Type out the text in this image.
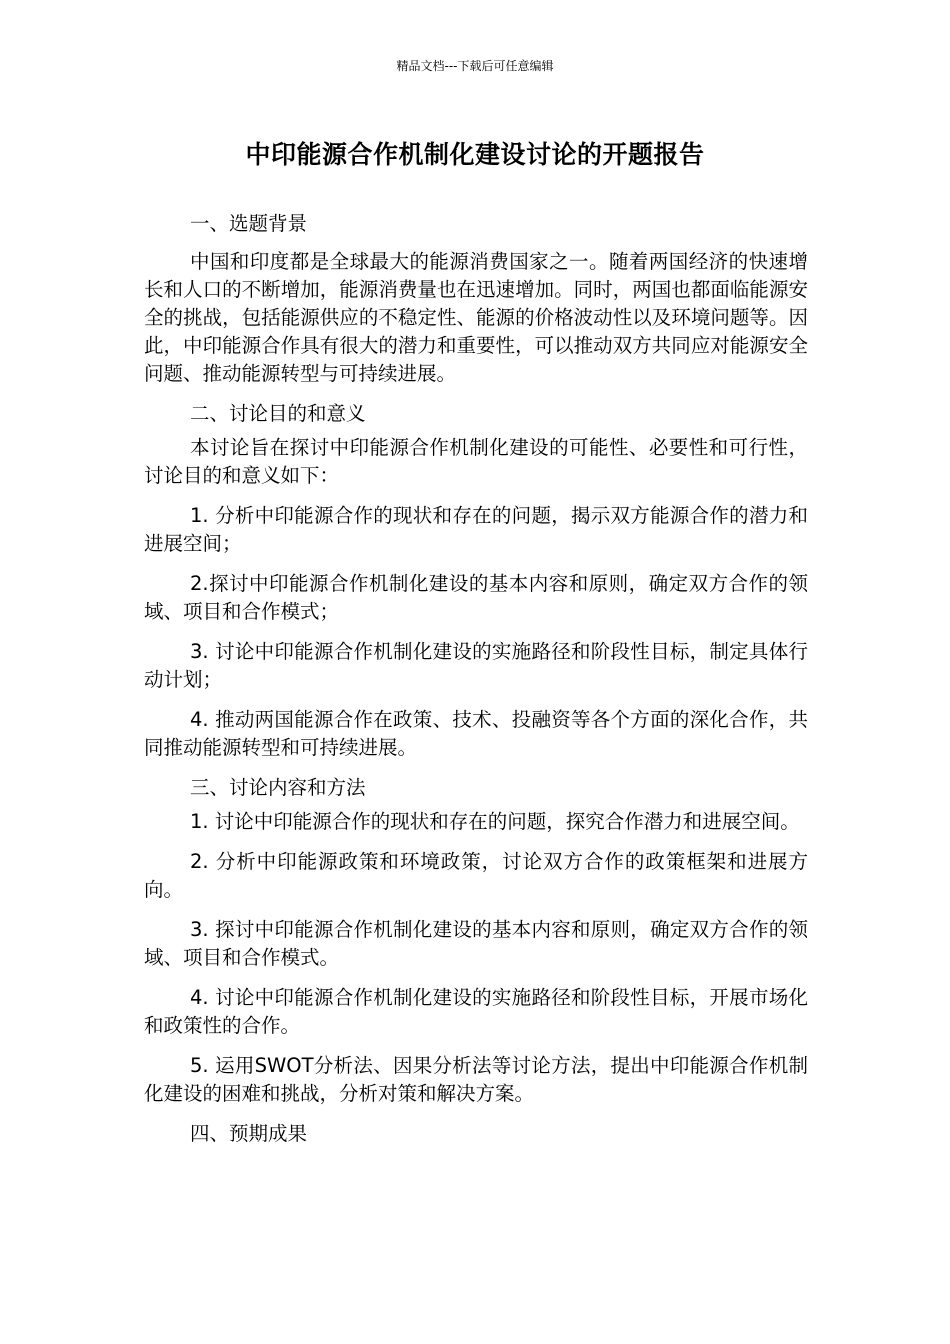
精品文档---下载后可任意编辑
中印能源合作机制化建设讨论的开题报告
一、选题背景

中国和印度都是全球最大的能源消费国家之一。随着两国经济的快速增长和人口的不断增加，能源消费量也在迅速增加。同时，两国也都面临能源安全的挑战，包括能源供应的不稳定性、能源的价格波动性以及环境问题等。因此，中印能源合作具有很大的潜力和重要性，可以推动双方共同应对能源安全问题、推动能源转型与可持续进展。

二、讨论目的和意义

本讨论旨在探讨中印能源合作机制化建设的可能性、必要性和可行性，讨论目的和意义如下：

1. 分析中印能源合作的现状和存在的问题，揭示双方能源合作的潜力和进展空间；

2.探讨中印能源合作机制化建设的基本内容和原则，确定双方合作的领域、项目和合作模式；

3. 讨论中印能源合作机制化建设的实施路径和阶段性目标，制定具体行动计划；

4. 推动两国能源合作在政策、技术、投融资等各个方面的深化合作，共同推动能源转型和可持续进展。

三、讨论内容和方法

1. 讨论中印能源合作的现状和存在的问题，探究合作潜力和进展空间。

2. 分析中印能源政策和环境政策，讨论双方合作的政策框架和进展方向。

3. 探讨中印能源合作机制化建设的基本内容和原则，确定双方合作的领域、项目和合作模式。

4. 讨论中印能源合作机制化建设的实施路径和阶段性目标，开展市场化和政策性的合作。

5. 运用SWOT分析法、因果分析法等讨论方法，提出中印能源合作机制化建设的困难和挑战，分析对策和解决方案。

四、预期成果
